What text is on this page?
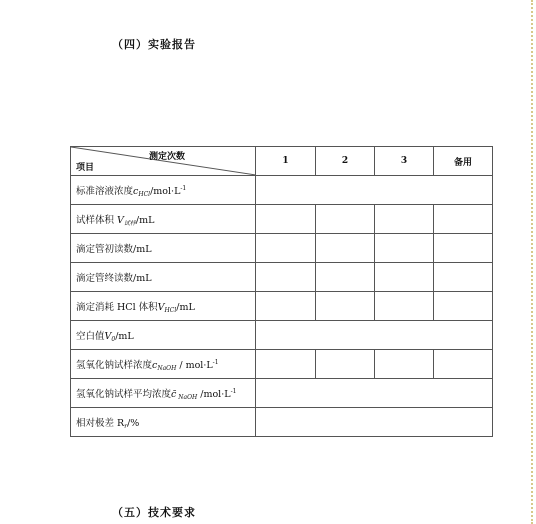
（四）实验报告
测定次数
项目	1	2	3	备用
标准溶液浓度$c_{HCl}/mol\cdot L^{-1}$	
试样体积 $V_{试样}/mL$				
滴定管初读数/mL				
滴定管终读数/mL				
滴定消耗 HCl 体积$V_{HCl}/mL$				
空白值$V_0/mL$				
氢氧化钠试样浓度$c_{NaOH} / mol\cdot L^{-1}$				
氢氧化钠试样平均浓度c̄ $_{NaOH}$ $/mol\cdot L^{-1}$	
相对极差 $R_r/\%$				
（五）技术要求
